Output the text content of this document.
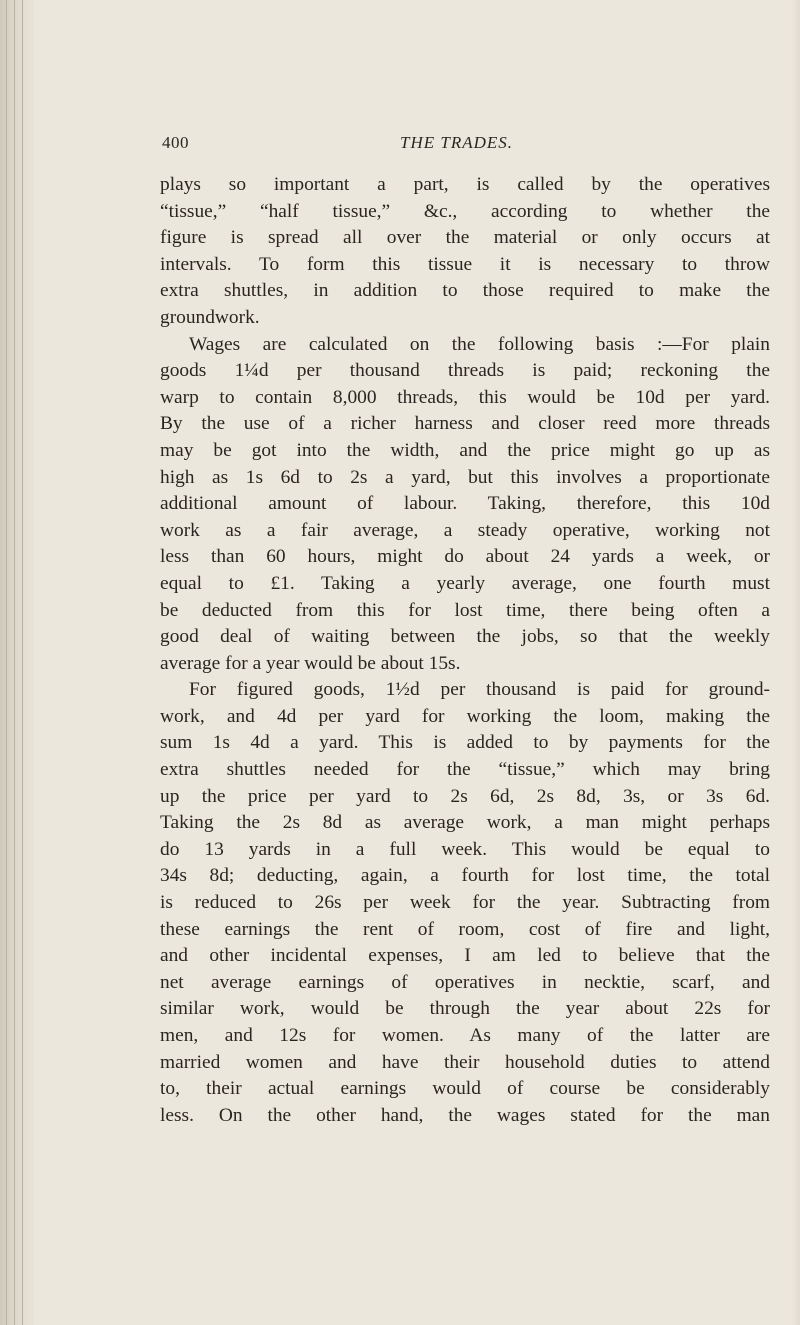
400	THE TRADES.
plays so important a part, is called by the operatives
“tissue,” “half tissue,” &c., according to whether the
figure is spread all over the material or only occurs at
intervals. To form this tissue it is necessary to throw
extra shuttles, in addition to those required to make the
groundwork.
Wages are calculated on the following basis :—For plain
goods 1¼d per thousand threads is paid; reckoning the
warp to contain 8,000 threads, this would be 10d per yard.
By the use of a richer harness and closer reed more threads
may be got into the width, and the price might go up as
high as 1s 6d to 2s a yard, but this involves a proportionate
additional amount of labour. Taking, therefore, this 10d
work as a fair average, a steady operative, working not
less than 60 hours, might do about 24 yards a week, or
equal to £1. Taking a yearly average, one fourth must
be deducted from this for lost time, there being often a
good deal of waiting between the jobs, so that the weekly
average for a year would be about 15s.
For figured goods, 1½d per thousand is paid for ground-
work, and 4d per yard for working the loom, making the
sum 1s 4d a yard. This is added to by payments for the
extra shuttles needed for the “tissue,” which may bring
up the price per yard to 2s 6d, 2s 8d, 3s, or 3s 6d.
Taking the 2s 8d as average work, a man might perhaps
do 13 yards in a full week. This would be equal to
34s 8d; deducting, again, a fourth for lost time, the total
is reduced to 26s per week for the year. Subtracting from
these earnings the rent of room, cost of fire and light,
and other incidental expenses, I am led to believe that the
net average earnings of operatives in necktie, scarf, and
similar work, would be through the year about 22s for
men, and 12s for women. As many of the latter are
married women and have their household duties to attend
to, their actual earnings would of course be considerably
less. On the other hand, the wages stated for the man
